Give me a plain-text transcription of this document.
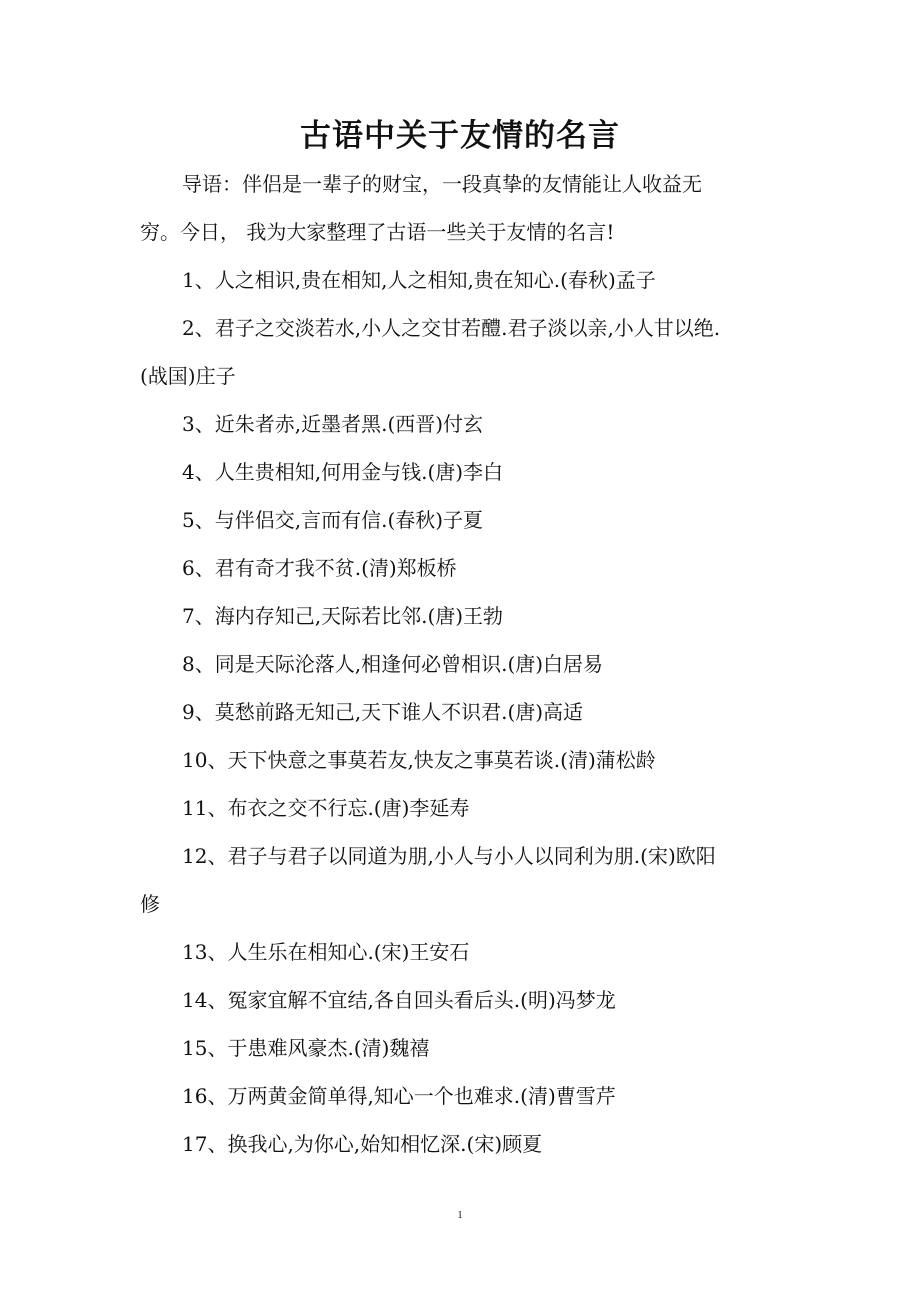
古语中关于友情的名言

导语：伴侣是一辈子的财宝，一段真挚的友情能让人收益无

穷。今日， 我为大家整理了古语一些关于友情的名言!

1、人之相识,贵在相知,人之相知,贵在知心.(春秋)孟子

2、君子之交淡若水,小人之交甘若醴.君子淡以亲,小人甘以绝.

(战国)庄子

3、近朱者赤,近墨者黑.(西晋)付玄

4、人生贵相知,何用金与钱.(唐)李白

5、与伴侣交,言而有信.(春秋)子夏

6、君有奇才我不贫.(清)郑板桥

7、海内存知己,天际若比邻.(唐)王勃

8、同是天际沦落人,相逢何必曾相识.(唐)白居易

9、莫愁前路无知己,天下谁人不识君.(唐)高适

10、天下快意之事莫若友,快友之事莫若谈.(清)蒲松龄

11、布衣之交不行忘.(唐)李延寿

12、君子与君子以同道为朋,小人与小人以同利为朋.(宋)欧阳

修

13、人生乐在相知心.(宋)王安石

14、冤家宜解不宜结,各自回头看后头.(明)冯梦龙

15、于患难风豪杰.(清)魏禧

16、万两黄金简单得,知心一个也难求.(清)曹雪芹

17、换我心,为你心,始知相忆深.(宋)顾夏

1
